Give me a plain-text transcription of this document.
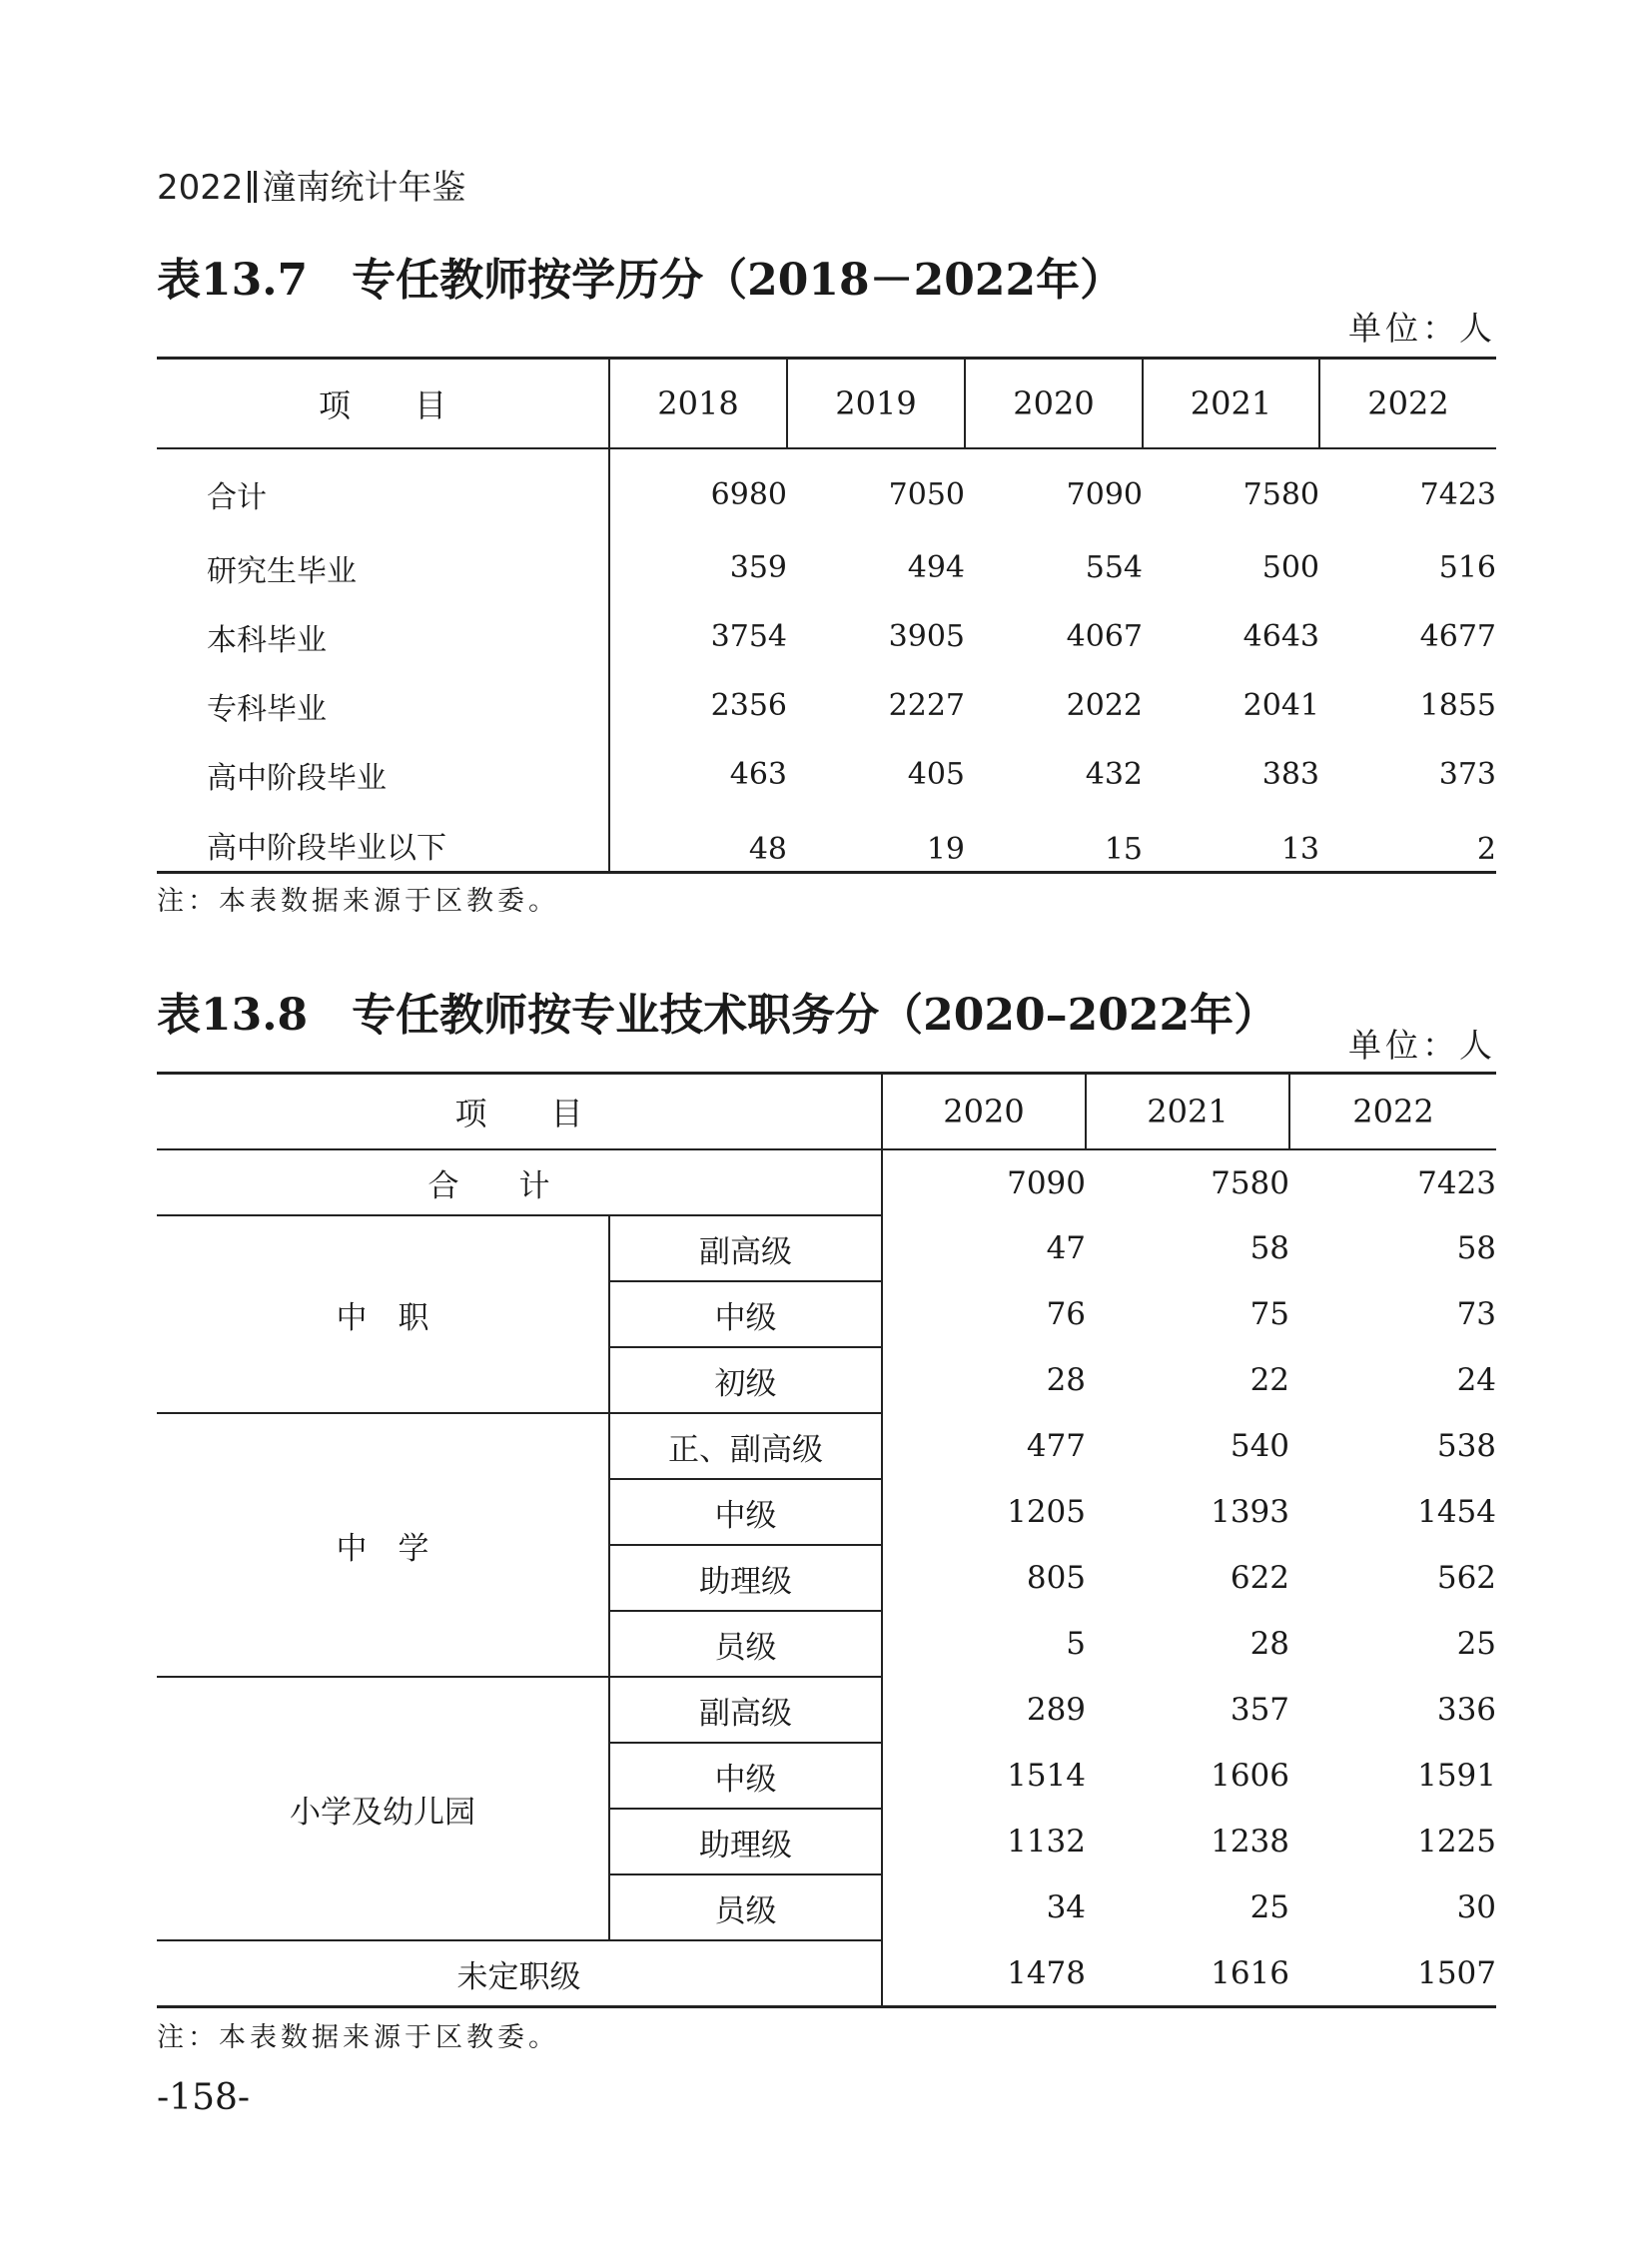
2022 潼南统计年鉴
表13.7 专任教师按学历分（2018－2022年）
单位：人
项　　目	2018	2019	2020	2021	2022
合计	6980	7050	7090	7580	7423
研究生毕业	359	494	554	500	516
本科毕业	3754	3905	4067	4643	4677
专科毕业	2356	2227	2022	2041	1855
高中阶段毕业	463	405	432	383	373
高中阶段毕业以下	48	19	15	13	2
注：本表数据来源于区教委。
表13.8 专任教师按专业技术职务分（2020–2022年）
单位：人
项　　目		2020	2021	2022
合计		7090	7580	7423
中　职	副高级	47	58	58
	中级	76	75	73
	初级	28	22	24
中　学	正、副高级	477	540	538
	中级	1205	1393	1454
	助理级	805	622	562
	员级	5	28	25
小学及幼儿园	副高级	289	357	336
	中级	1514	1606	1591
	助理级	1132	1238	1225
	员级	34	25	30
未定职级		1478	1616	1507
注：本表数据来源于区教委。
-158-
